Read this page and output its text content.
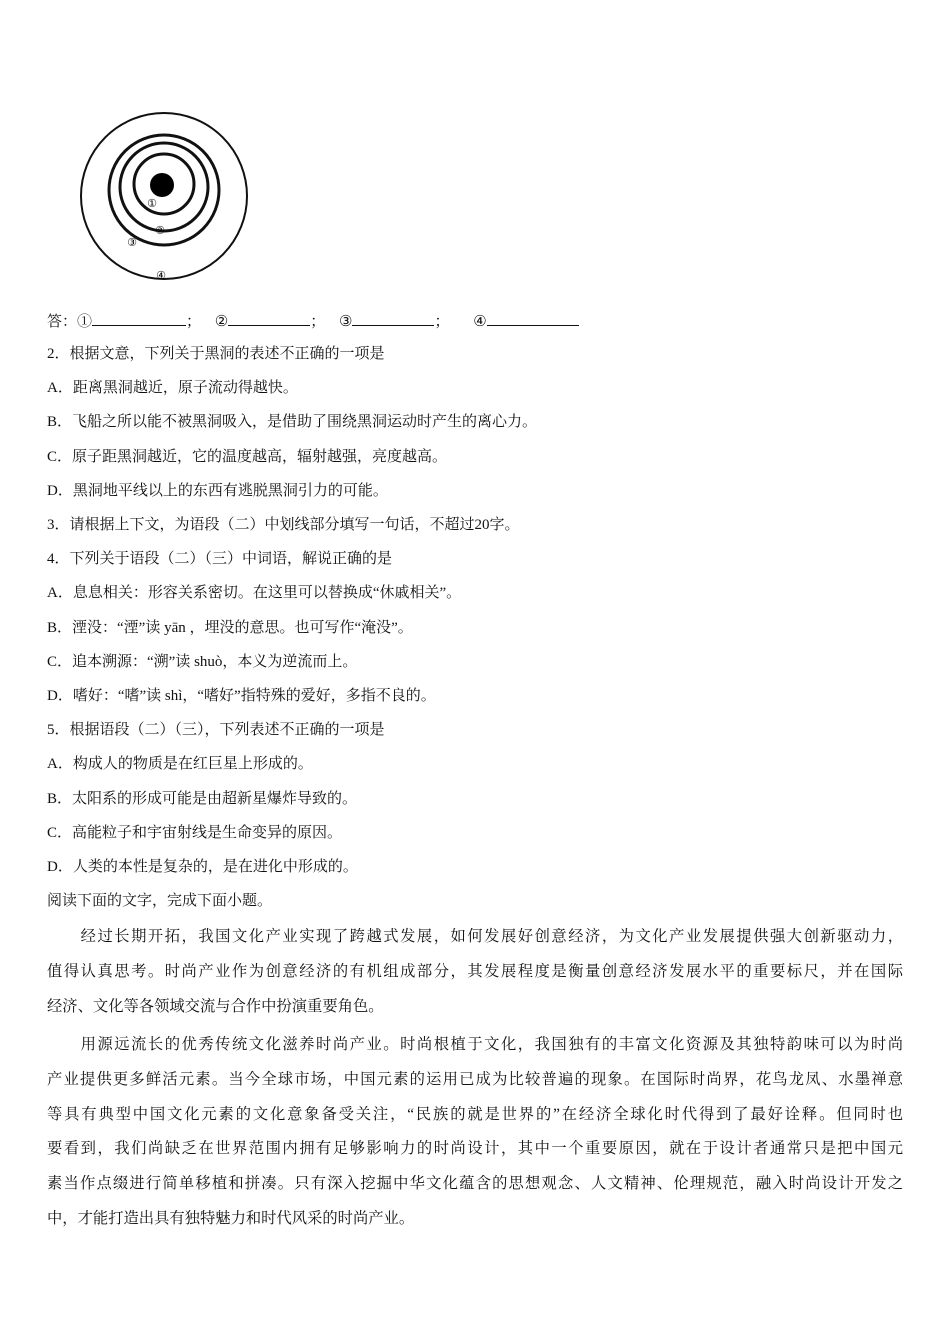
①
②
③
④
答：①	； ②	； ③	； ④
2．根据文意，下列关于黑洞的表述不正确的一项是
A．距离黑洞越近，原子流动得越快。
B．飞船之所以能不被黑洞吸入，是借助了围绕黑洞运动时产生的离心力。
C．原子距黑洞越近，它的温度越高，辐射越强，亮度越高。
D．黑洞地平线以上的东西有逃脱黑洞引力的可能。
3．请根据上下文，为语段（二）中划线部分填写一句话，不超过20字。
4．下列关于语段（二）（三）中词语，解说正确的是
A．息息相关：形容关系密切。在这里可以替换成“休戚相关”。
B．湮没：“湮”读 yān ，埋没的意思。也可写作“淹没”。
C．追本溯源：“溯”读 shuò，本义为逆流而上。
D．嗜好：“嗜”读 shì，“嗜好”指特殊的爱好，多指不良的。
5．根据语段（二）（三），下列表述不正确的一项是
A．构成人的物质是在红巨星上形成的。
B．太阳系的形成可能是由超新星爆炸导致的。
C．高能粒子和宇宙射线是生命变异的原因。
D．人类的本性是复杂的，是在进化中形成的。
阅读下面的文字，完成下面小题。
　　经过长期开拓，我国文化产业实现了跨越式发展，如何发展好创意经济，为文化产业发展提供强大创新驱动力，
值得认真思考。时尚产业作为创意经济的有机组成部分，其发展程度是衡量创意经济发展水平的重要标尺，并在国际
经济、文化等各领域交流与合作中扮演重要角色。
　　用源远流长的优秀传统文化滋养时尚产业。时尚根植于文化，我国独有的丰富文化资源及其独特韵味可以为时尚
产业提供更多鲜活元素。当今全球市场，中国元素的运用已成为比较普遍的现象。在国际时尚界，花鸟龙凤、水墨禅意
等具有典型中国文化元素的文化意象备受关注，“民族的就是世界的”在经济全球化时代得到了最好诠释。但同时也
要看到，我们尚缺乏在世界范围内拥有足够影响力的时尚设计，其中一个重要原因，就在于设计者通常只是把中国元
素当作点缀进行简单移植和拼凑。只有深入挖掘中华文化蕴含的思想观念、人文精神、伦理规范，融入时尚设计开发之
中，才能打造出具有独特魅力和时代风采的时尚产业。
